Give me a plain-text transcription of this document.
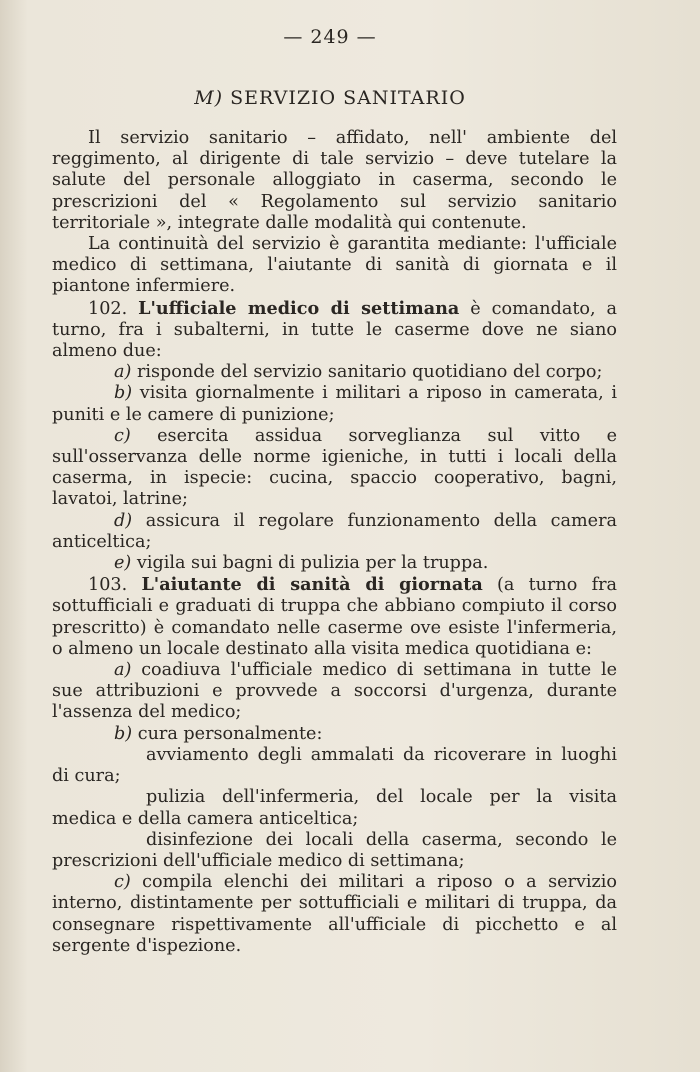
— 249 —
M) SERVIZIO SANITARIO

Il servizio sanitario – affidato, nell' ambiente del reggimento, al dirigente di tale servizio – deve tutelare la salute del personale alloggiato in caserma, secondo le prescrizioni del « Regolamento sul servizio sanitario territoriale », integrate dalle modalità qui contenute.

La continuità del servizio è garantita mediante: l'ufficiale medico di settimana, l'aiutante di sanità di giornata e il piantone infermiere.

102. L'ufficiale medico di settimana è comandato, a turno, fra i subalterni, in tutte le caserme dove ne siano almeno due:

a) risponde del servizio sanitario quotidiano del corpo;

b) visita giornalmente i militari a riposo in camerata, i puniti e le camere di punizione;

c) esercita assidua sorveglianza sul vitto e sull'osservanza delle norme igieniche, in tutti i locali della caserma, in ispecie: cucina, spaccio cooperativo, bagni, lavatoi, latrine;

d) assicura il regolare funzionamento della camera anticeltica;

e) vigila sui bagni di pulizia per la truppa.

103. L'aiutante di sanità di giornata (a turno fra sottufficiali e graduati di truppa che abbiano compiuto il corso prescritto) è comandato nelle caserme ove esiste l'infermeria, o almeno un locale destinato alla visita medica quotidiana e:

a) coadiuva l'ufficiale medico di settimana in tutte le sue attribuzioni e provvede a soccorsi d'urgenza, durante l'assenza del medico;

b) cura personalmente:

avviamento degli ammalati da ricoverare in luoghi di cura;

pulizia dell'infermeria, del locale per la visita medica e della camera anticeltica;

disinfezione dei locali della caserma, secondo le prescrizioni dell'ufficiale medico di settimana;

c) compila elenchi dei militari a riposo o a servizio interno, distintamente per sottufficiali e militari di truppa, da consegnare rispettivamente all'ufficiale di picchetto e al sergente d'ispezione.
